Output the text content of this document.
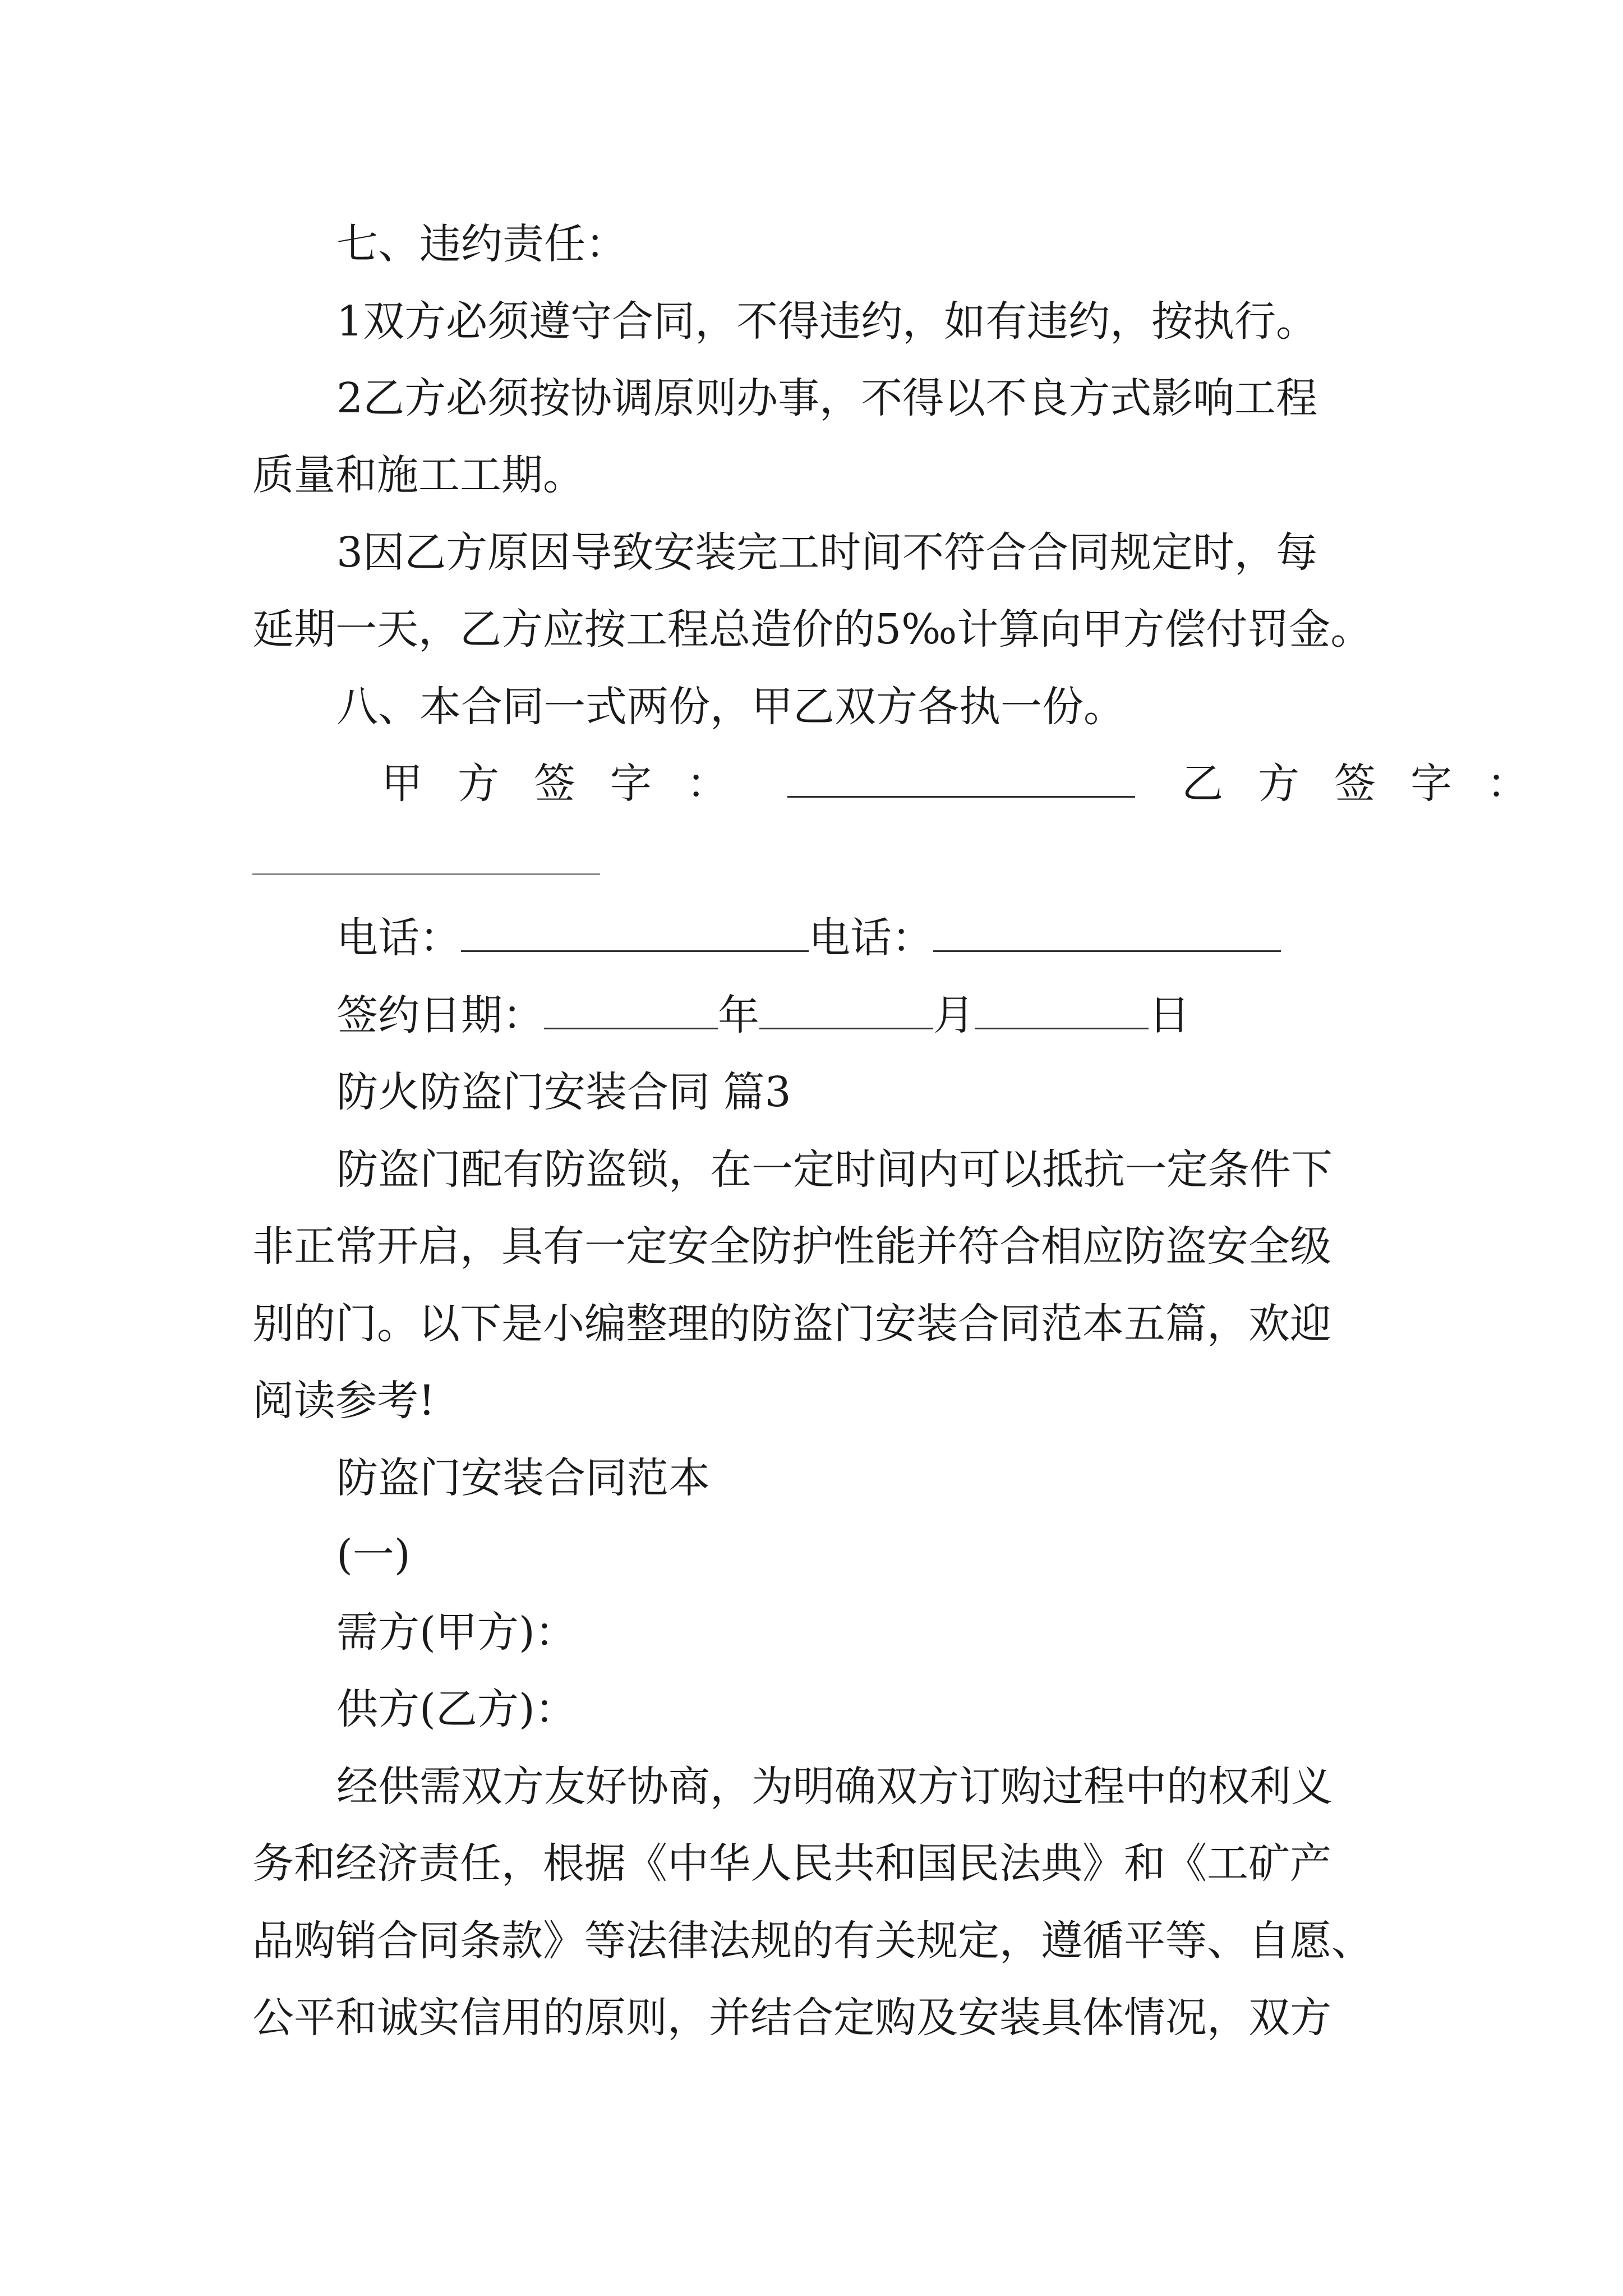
七、违约责任：
1双方必须遵守合同，不得违约，如有违约，按执行。
2乙方必须按协调原则办事，不得以不良方式影响工程
质量和施工工期。
3因乙方原因导致安装完工时间不符合合同规定时，每
延期一天，乙方应按工程总造价的5‰计算向甲方偿付罚金。
八、本合同一式两份，甲乙双方各执一份。
甲方签字：	乙方签字：
电话：	电话：
签约日期：	年	月	日
防火防盗门安装合同 篇3
防盗门配有防盗锁，在一定时间内可以抵抗一定条件下
非正常开启，具有一定安全防护性能并符合相应防盗安全级
别的门。以下是小编整理的防盗门安装合同范本五篇，欢迎
阅读参考!
防盗门安装合同范本
(一)
需方(甲方)：
供方(乙方)：
经供需双方友好协商，为明确双方订购过程中的权利义
务和经济责任，根据《中华人民共和国民法典》和《工矿产
品购销合同条款》等法律法规的有关规定，遵循平等、自愿、
公平和诚实信用的原则，并结合定购及安装具体情况，双方
